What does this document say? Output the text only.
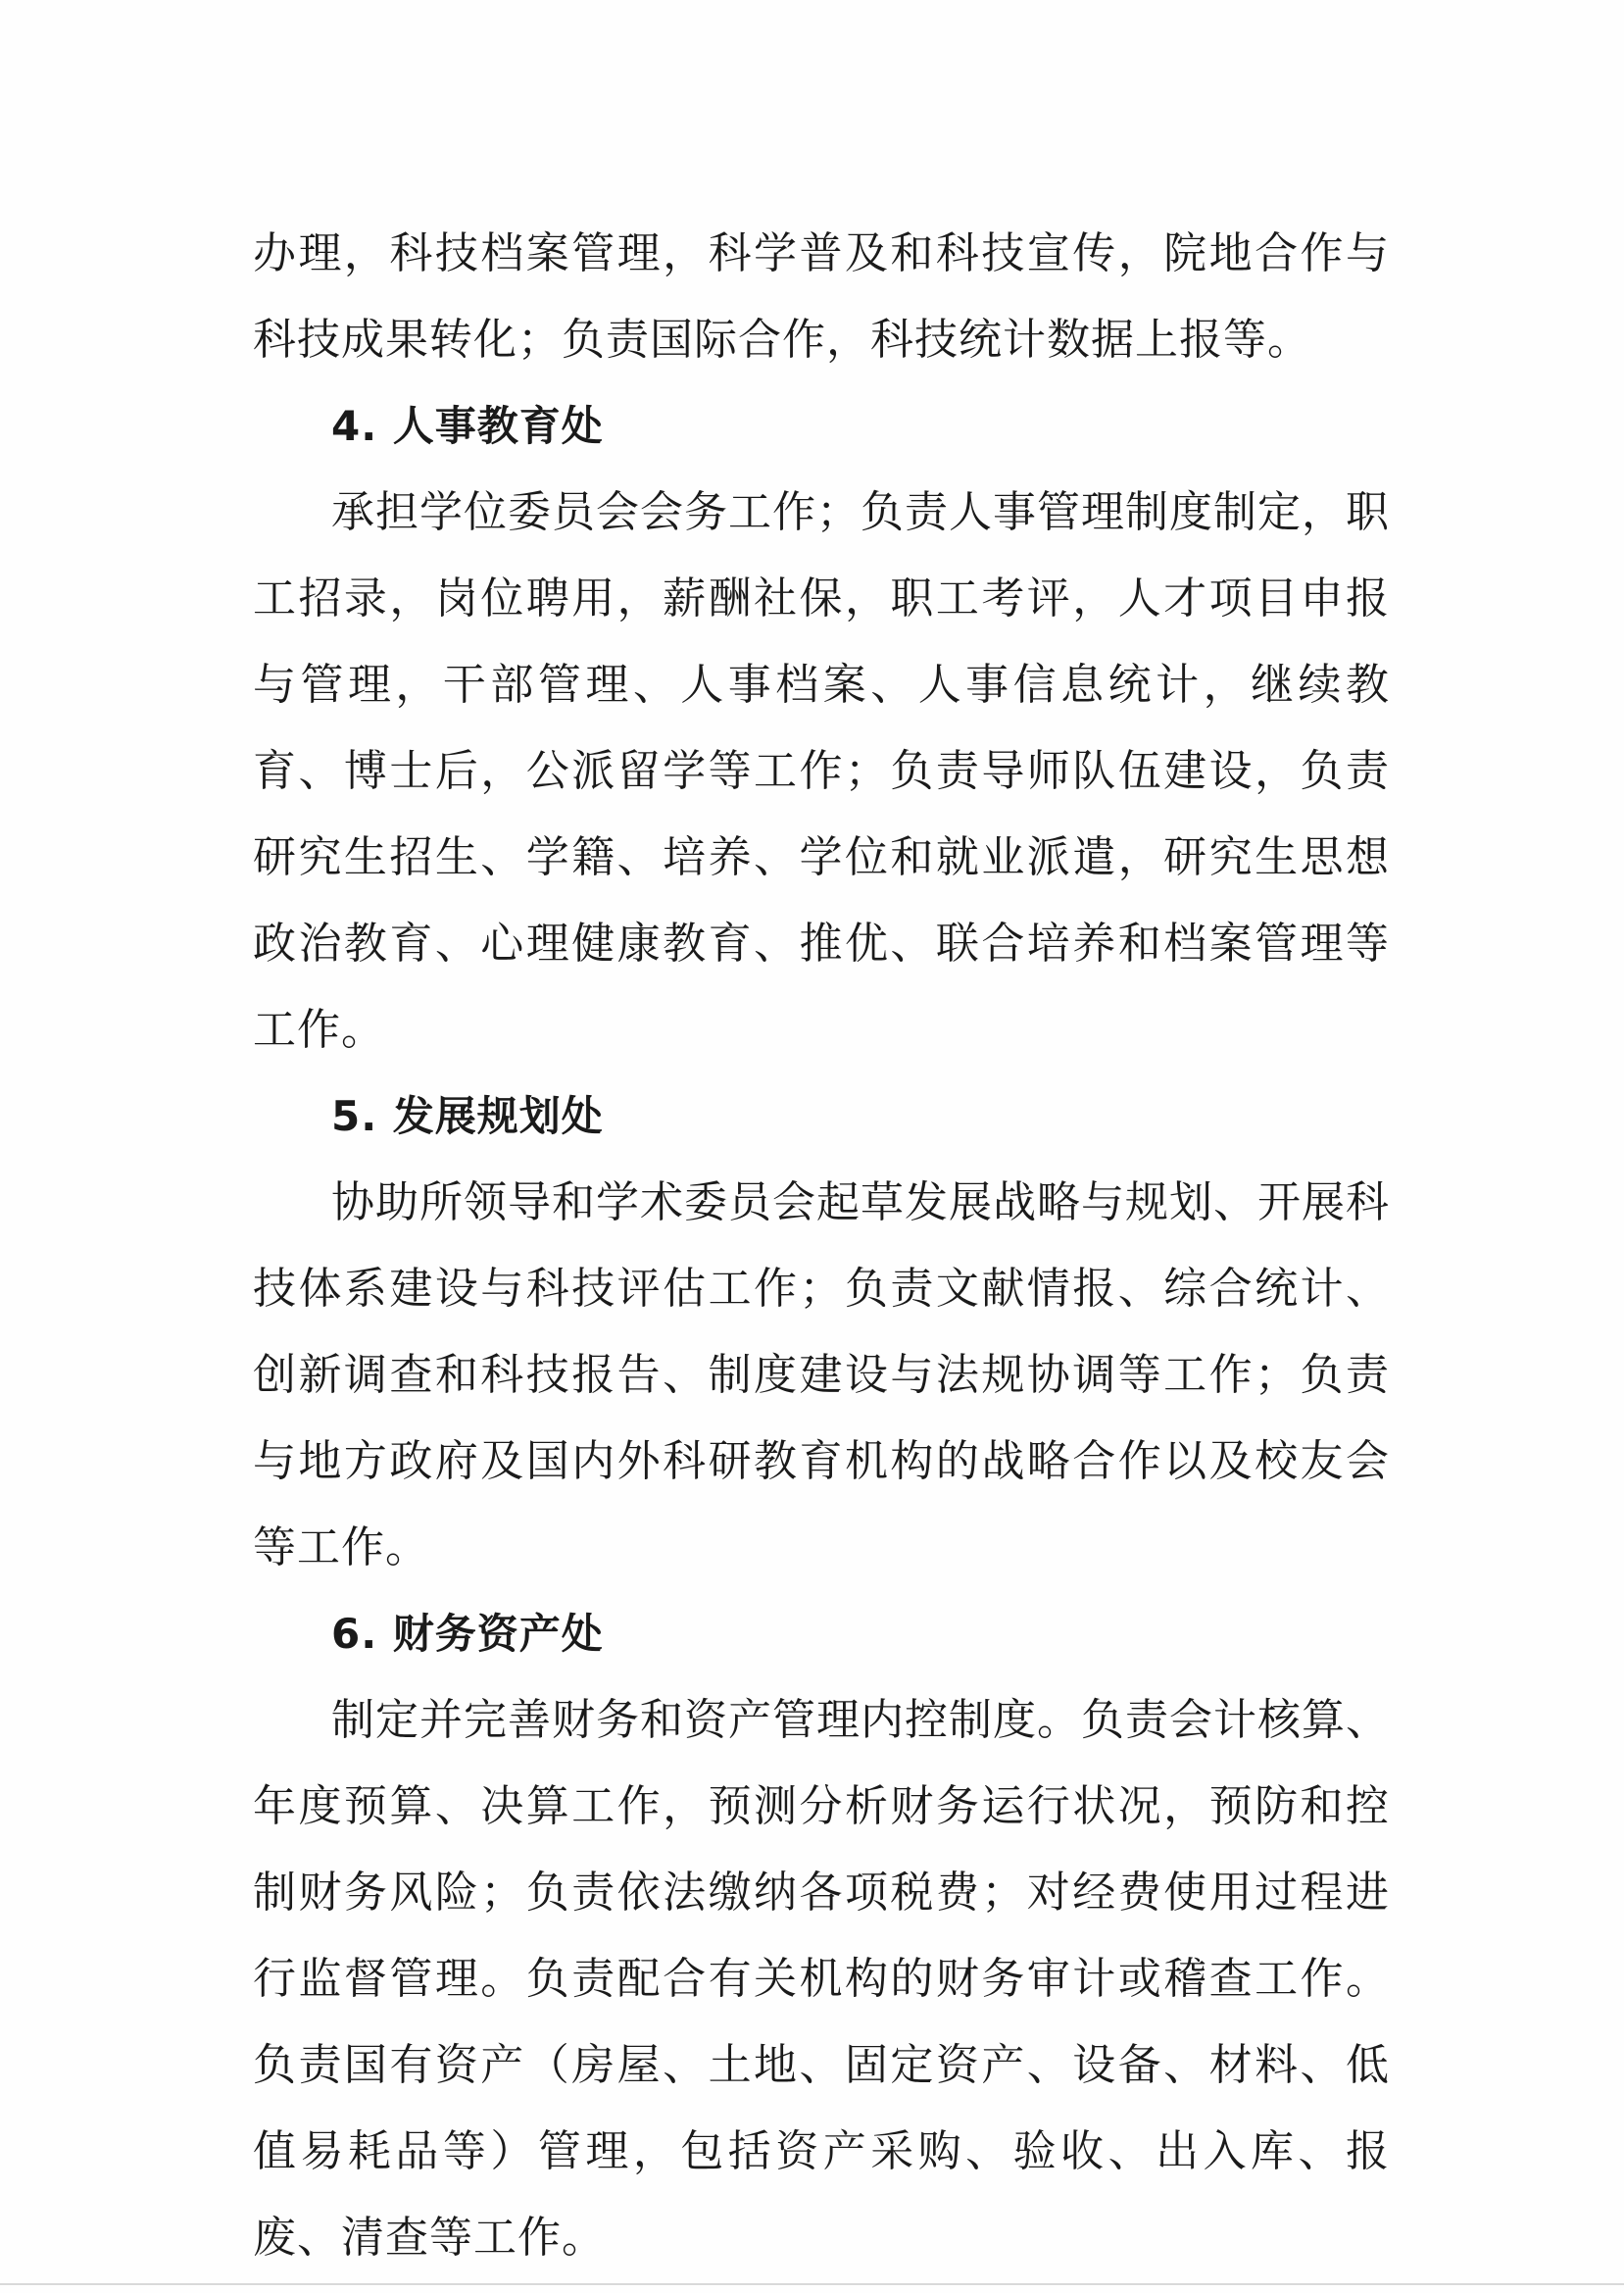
办理，科技档案管理，科学普及和科技宣传，院地合作与科技成果转化；负责国际合作，科技统计数据上报等。

4. 人事教育处

承担学位委员会会务工作；负责人事管理制度制定，职工招录，岗位聘用，薪酬社保，职工考评，人才项目申报与管理，干部管理、人事档案、人事信息统计，继续教育、博士后，公派留学等工作；负责导师队伍建设，负责研究生招生、学籍、培养、学位和就业派遣，研究生思想政治教育、心理健康教育、推优、联合培养和档案管理等工作。

5. 发展规划处

协助所领导和学术委员会起草发展战略与规划、开展科技体系建设与科技评估工作；负责文献情报、综合统计、创新调查和科技报告、制度建设与法规协调等工作；负责与地方政府及国内外科研教育机构的战略合作以及校友会等工作。

6. 财务资产处

制定并完善财务和资产管理内控制度。负责会计核算、年度预算、决算工作，预测分析财务运行状况，预防和控制财务风险；负责依法缴纳各项税费；对经费使用过程进行监督管理。负责配合有关机构的财务审计或稽查工作。负责国有资产（房屋、土地、固定资产、设备、材料、低值易耗品等）管理，包括资产采购、验收、出入库、报废、清查等工作。
